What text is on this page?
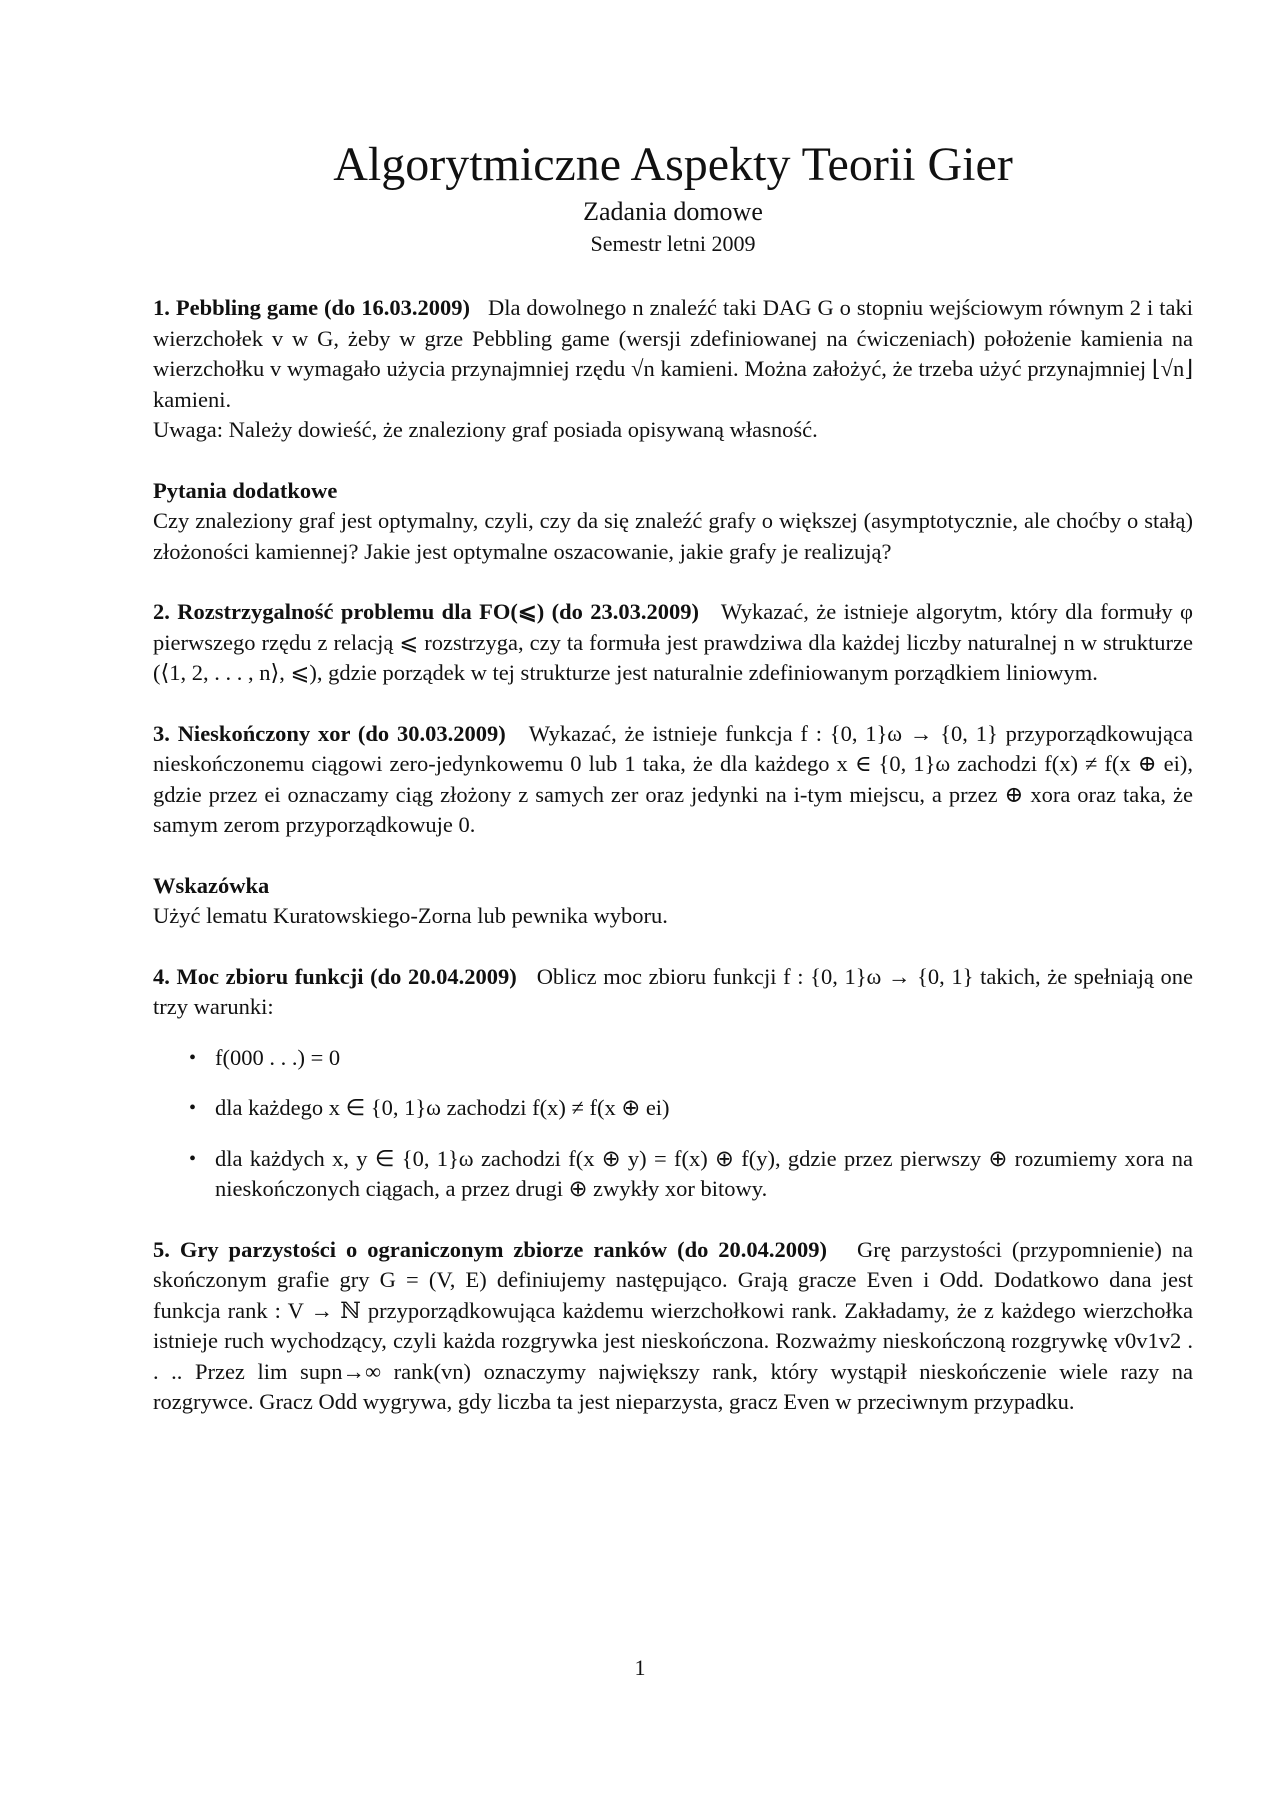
Algorytmiczne Aspekty Teorii Gier

Zadania domowe

Semestr letni 2009

1. Pebbling game (do 16.03.2009) Dla dowolnego n znaleźć taki DAG G o stopniu wejściowym równym 2 i taki wierzchołek v w G, żeby w grze Pebbling game (wersji zdefiniowanej na ćwiczeniach) położenie kamienia na wierzchołku v wymagało użycia przynajmniej rzędu √n kamieni. Można założyć, że trzeba użyć przynajmniej ⌊√n⌋ kamieni.

Uwaga: Należy dowieść, że znaleziony graf posiada opisywaną własność.

Pytania dodatkowe

Czy znaleziony graf jest optymalny, czyli, czy da się znaleźć grafy o większej (asymptotycznie, ale choćby o stałą) złożoności kamiennej? Jakie jest optymalne oszacowanie, jakie grafy je realizują?

2. Rozstrzygalność problemu dla FO(⩽) (do 23.03.2009) Wykazać, że istnieje algorytm, który dla formuły φ pierwszego rzędu z relacją ⩽ rozstrzyga, czy ta formuła jest prawdziwa dla każdej liczby naturalnej n w strukturze (⟨1, 2, . . . , n⟩, ⩽), gdzie porządek w tej strukturze jest naturalnie zdefiniowanym porządkiem liniowym.

3. Nieskończony xor (do 30.03.2009) Wykazać, że istnieje funkcja f : {0, 1}ω → {0, 1} przyporządkowująca nieskończonemu ciągowi zero-jedynkowemu 0 lub 1 taka, że dla każdego x ∈ {0, 1}ω zachodzi f(x) ≠ f(x ⊕ ei), gdzie przez ei oznaczamy ciąg złożony z samych zer oraz jedynki na i-tym miejscu, a przez ⊕ xora oraz taka, że samym zerom przyporządkowuje 0.

Wskazówka

Użyć lematu Kuratowskiego-Zorna lub pewnika wyboru.

4. Moc zbioru funkcji (do 20.04.2009) Oblicz moc zbioru funkcji f : {0, 1}ω → {0, 1} takich, że spełniają one trzy warunki:

• f(000 . . .) = 0
• dla każdego x ∈ {0, 1}ω zachodzi f(x) ≠ f(x ⊕ ei)
• dla każdych x, y ∈ {0, 1}ω zachodzi f(x ⊕ y) = f(x) ⊕ f(y), gdzie przez pierwszy ⊕ rozumiemy xora na nieskończonych ciągach, a przez drugi ⊕ zwykły xor bitowy.

5. Gry parzystości o ograniczonym zbiorze ranków (do 20.04.2009) Grę parzystości (przypomnienie) na skończonym grafie gry G = (V, E) definiujemy następująco. Grają gracze Even i Odd. Dodatkowo dana jest funkcja rank : V → ℕ przyporządkowująca każdemu wierzchołkowi rank. Zakładamy, że z każdego wierzchołka istnieje ruch wychodzący, czyli każda rozgrywka jest nieskończona. Rozważmy nieskończoną rozgrywkę v0v1v2 . . .. Przez lim supn→∞ rank(vn) oznaczymy największy rank, który wystąpił nieskończenie wiele razy na rozgrywce. Gracz Odd wygrywa, gdy liczba ta jest nieparzysta, gracz Even w przeciwnym przypadku.

1
